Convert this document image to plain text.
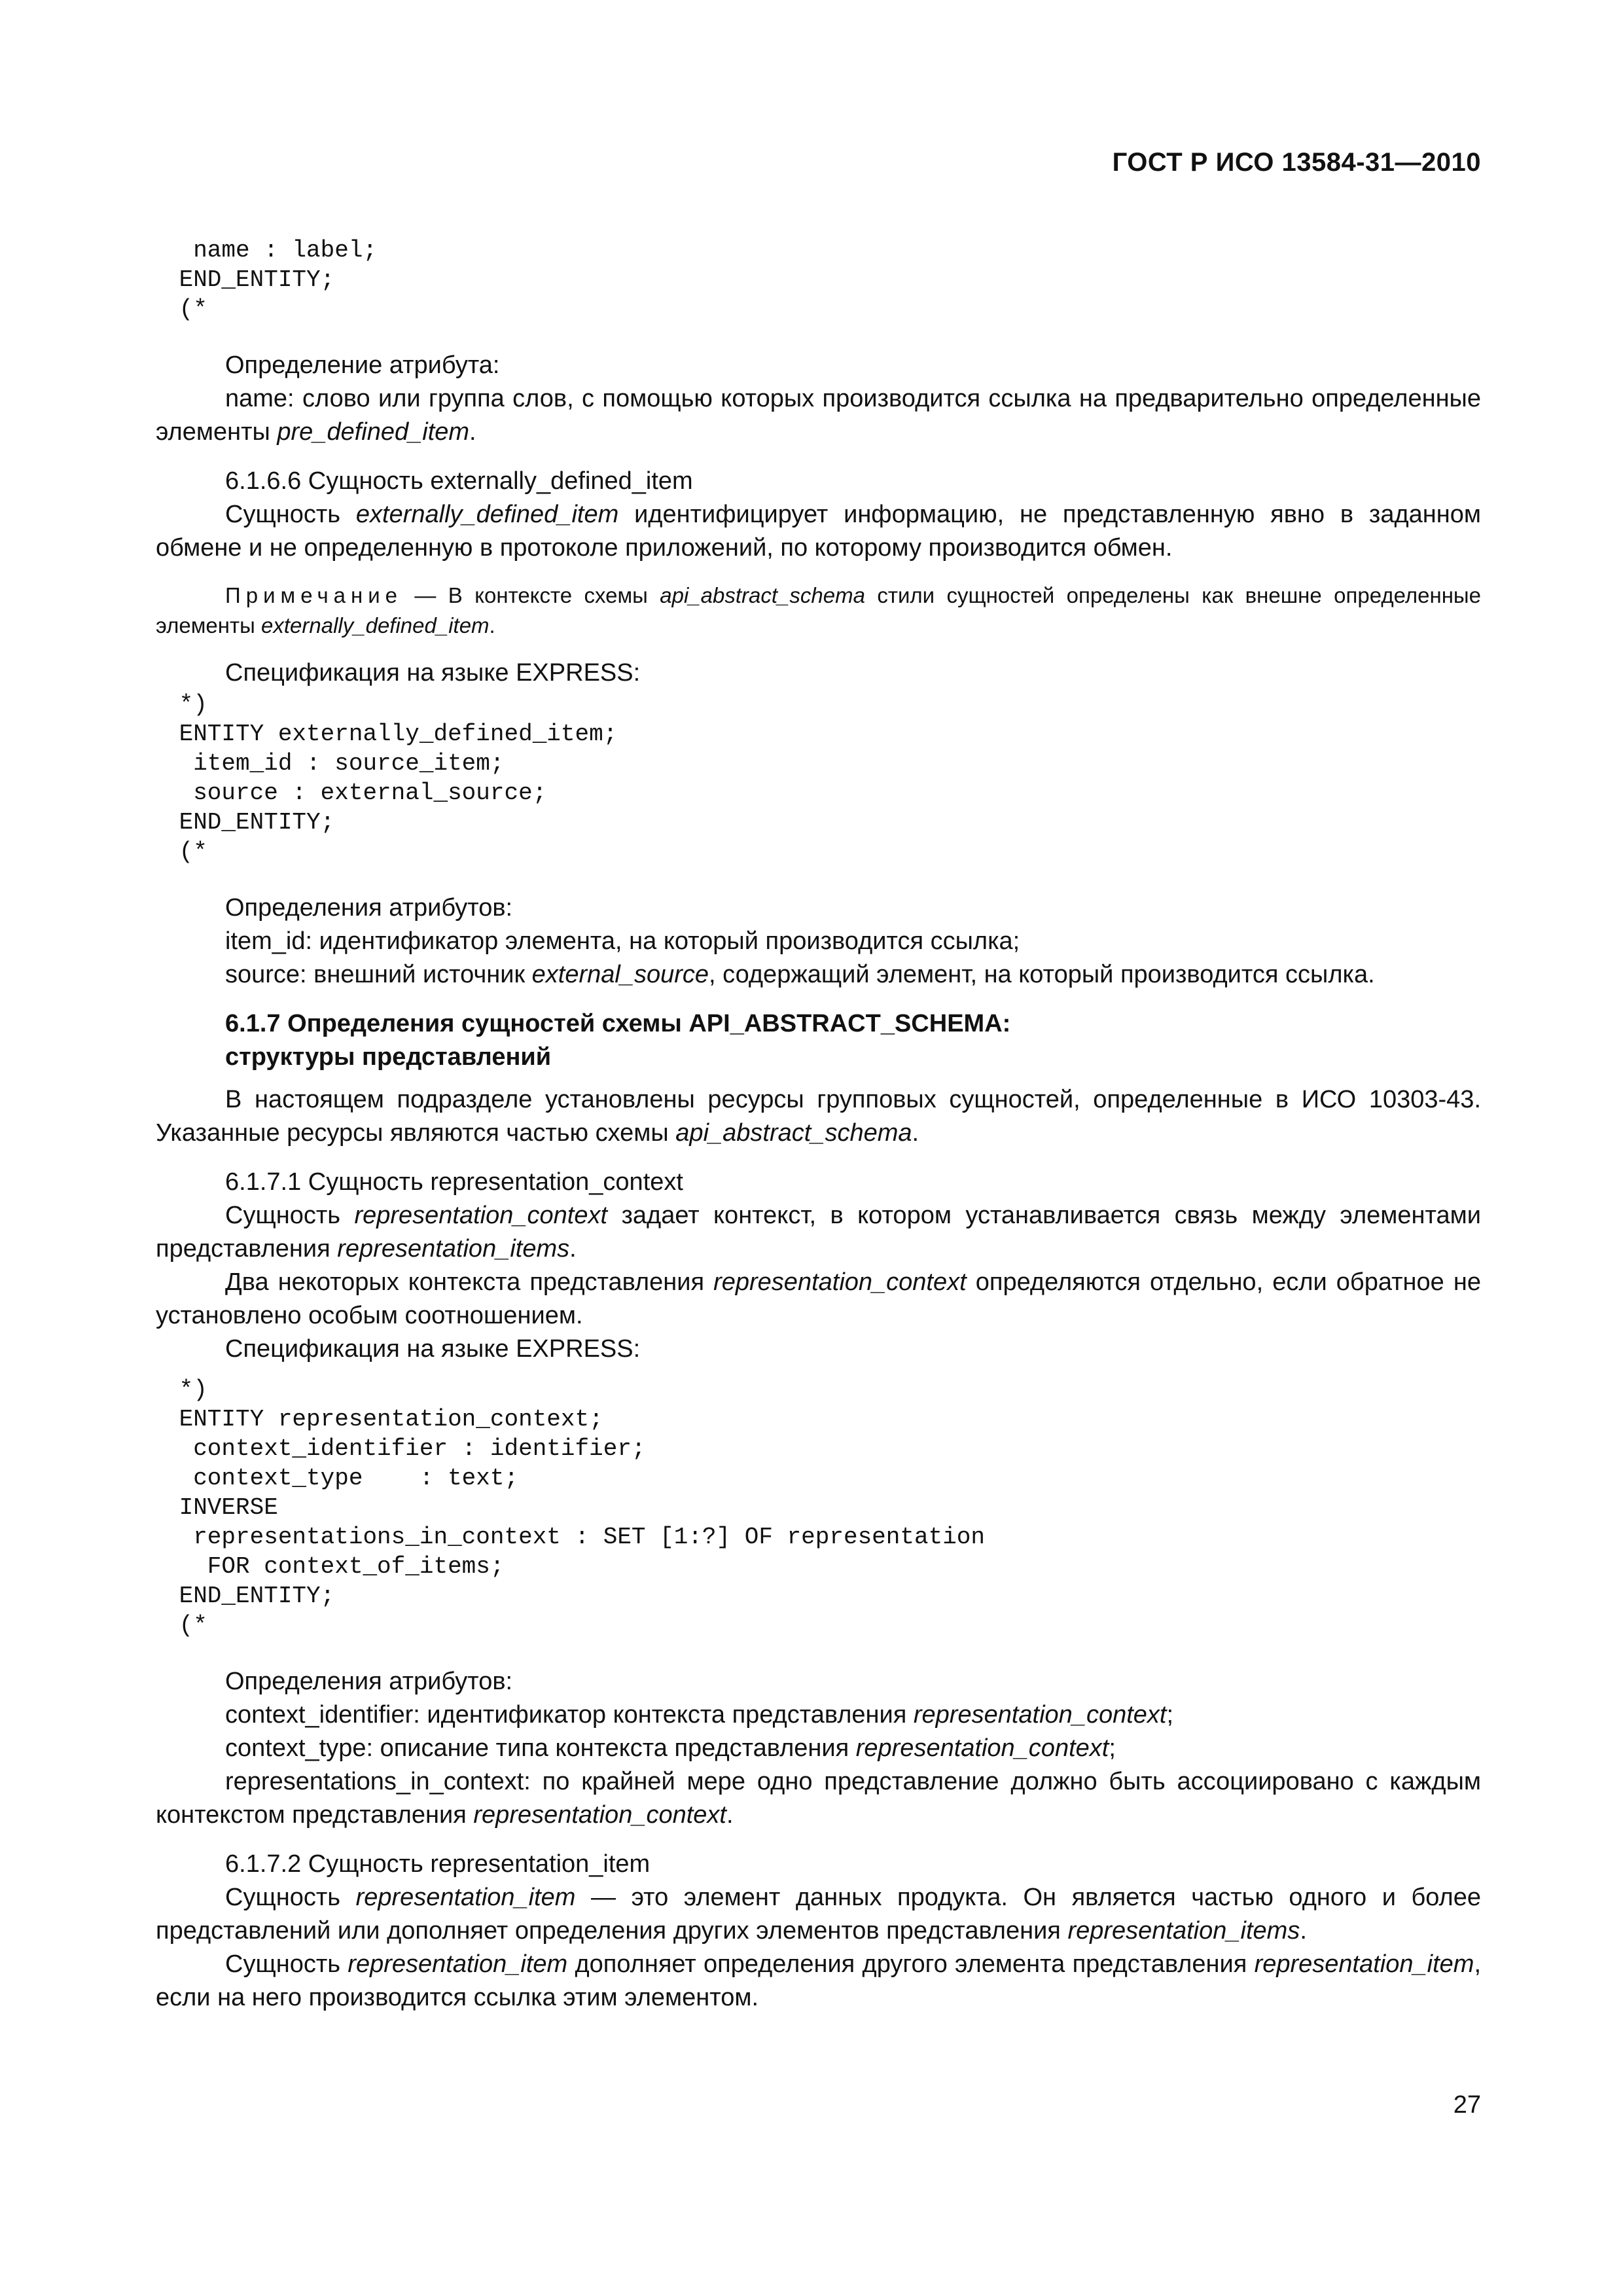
ГОСТ Р ИСО 13584-31—2010
name : label;
END_ENTITY;
(*

Определение атрибута:

name: слово или группа слов, с помощью которых производится ссылка на предварительно определенные элементы pre_defined_item.

6.1.6.6 Сущность externally_defined_item

Сущность externally_defined_item идентифицирует информацию, не представленную явно в заданном обмене и не определенную в протоколе приложений, по которому производится обмен.

Примечание — В контексте схемы api_abstract_schema стили сущностей определены как внешне определенные элементы externally_defined_item.

Спецификация на языке EXPRESS:

*)
ENTITY externally_defined_item;
item_id : source_item;
source : external_source;
END_ENTITY;
(*

Определения атрибутов:

item_id: идентификатор элемента, на который производится ссылка;

source: внешний источник external_source, содержащий элемент, на который производится ссылка.

6.1.7 Определения сущностей схемы API_ABSTRACT_SCHEMA:
структуры представлений

В настоящем подразделе установлены ресурсы групповых сущностей, определенные в ИСО 10303-43. Указанные ресурсы являются частью схемы api_abstract_schema.

6.1.7.1 Сущность representation_context

Сущность representation_context задает контекст, в котором устанавливается связь между элементами представления representation_items.

Два некоторых контекста представления representation_context определяются отдельно, если обратное не установлено особым соотношением.

Спецификация на языке EXPRESS:

*)
ENTITY representation_context;
context_identifier : identifier;
context_type    : text;
INVERSE
representations_in_context : SET [1:?] OF representation
FOR context_of_items;
END_ENTITY;
(*

Определения атрибутов:

context_identifier: идентификатор контекста представления representation_context;

context_type: описание типа контекста представления representation_context;

representations_in_context: по крайней мере одно представление должно быть ассоциировано с каждым контекстом представления representation_context.

6.1.7.2 Сущность representation_item

Сущность representation_item — это элемент данных продукта. Он является частью одного и более представлений или дополняет определения других элементов представления representation_items.

Сущность representation_item дополняет определения другого элемента представления representation_item, если на него производится ссылка этим элементом.

27
